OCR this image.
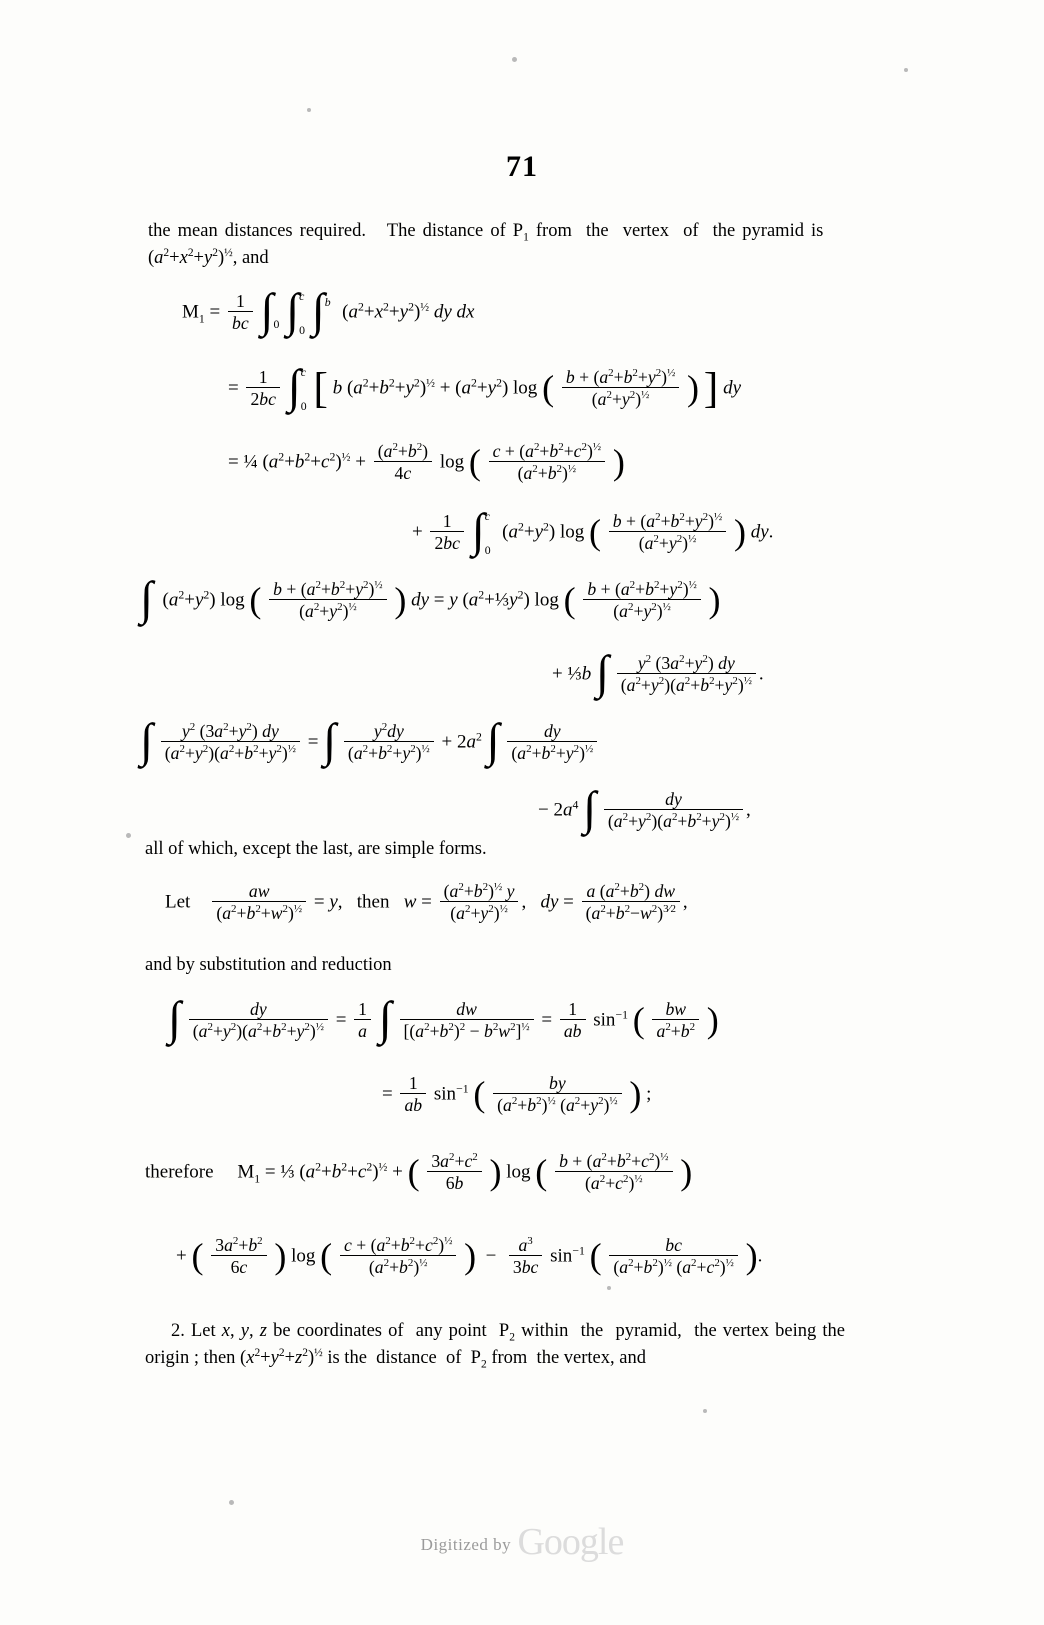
71
the mean distances required.   The distance of $P_1$ from  the  vertex  of  the pyramid is  $(a^2+x^2+y^2)^{\frac{1}{2}}$, and
$M_1 = \frac{1}{bc}$ ∫ 0 ∫ c
0 ∫ b $(a^2+x^2+y^2)^{\frac{1}{2}}$ dy dx
= $\frac{1}{2bc}$ ∫ c
0 [ b $(a^2+b^2+y^2)^{\frac{1}{2}} + (a^2+y^2)$ log ( $\frac{b + (a^2+b^2+y^2)^{\frac{1}{2}}}{(a^2+y^2)^{\frac{1}{2}}}$ ) ] dy
= ¼ $(a^2+b^2+c^2)^{\frac{1}{2}} + \frac{(a^2+b^2)}{4c}$ log ( $\frac{c + (a^2+b^2+c^2)^{\frac{1}{2}}}{(a^2+b^2)^{\frac{1}{2}}}$ )
+ $\frac{1}{2bc}$ ∫ c
0
$(a^2+y^2)$ log ( $\frac{b + (a^2+b^2+y^2)^{\frac{1}{2}}}{(a^2+y^2)^{\frac{1}{2}}}$ ) dy.
∫  $(a^2+y^2)$ log ( $\frac{b + (a^2+b^2+y^2)^{\frac{1}{2}}}{(a^2+y^2)^{\frac{1}{2}}}$ ) dy = y $(a^2+\frac{1}{3}y^2)$ log ( $\frac{b + (a^2+b^2+y^2)^{\frac{1}{2}}}{(a^2+y^2)^{\frac{1}{2}}}$ )
+ ⅓b ∫ $\frac{y^2 (3a^2+y^2) dy}{(a^2+y^2)(a^2+b^2+y^2)^{\frac{1}{2}}}$ .
∫ $\frac{y^2 (3a^2+y^2) dy}{(a^2+y^2)(a^2+b^2+y^2)^{\frac{1}{2}}}$ = ∫ $\frac{y^2dy}{(a^2+b^2+y^2)^{\frac{1}{2}}} + 2a^2$ ∫ $\frac{dy}{(a^2+b^2+y^2)^{\frac{1}{2}}}$
− $2a^4$ ∫ $\frac{dy}{(a^2+y^2)(a^2+b^2+y^2)^{\frac{1}{2}}}$ ,
all of which, except the last, are simple forms.
Let $\frac{aw}{(a^2+b^2+w^2)^{\frac{1}{2}}} = y$,   then $w = \frac{(a^2+b^2)^{\frac{1}{2}} y}{(a^2+y^2)^{\frac{1}{2}}}$ ,   dy = $\frac{a (a^2+b^2) dw}{(a^2+b^2-w^2)^{3⁄2}}$ ,
and by substitution and reduction
∫ $\frac{dy}{(a^2+y^2)(a^2+b^2+y^2)^{\frac{1}{2}}} = \frac{1}{a}$ ∫ $\frac{dw}{[(a^2+b^2)^2 - b^2w^2]^{\frac{1}{2}}} = \frac{1}{ab} \sin^{-1}$ ( $\frac{bw}{a^2+b^2}$ )
= $\frac{1}{ab} \sin^{-1}$ ( $\frac{by}{(a^2+b^2)^{\frac{1}{2}} (a^2+y^2)^{\frac{1}{2}}}$ ) ;
therefore     $M_1$ = ⅓ $(a^2+b^2+c^2)^{\frac{1}{2}}$ + ( $\frac{3a^2+c^2}{6b}$ ) log ( $\frac{b + (a^2+b^2+c^2)^{\frac{1}{2}}}{(a^2+c^2)^{\frac{1}{2}}}$ )
+ ( $\frac{3a^2+b^2}{6c}$ ) log ( $\frac{c + (a^2+b^2+c^2)^{\frac{1}{2}}}{(a^2+b^2)^{\frac{1}{2}}}$ )  − $\frac{a^3}{3bc} \sin^{-1}$ ( $\frac{bc}{(a^2+b^2)^{\frac{1}{2}} (a^2+c^2)^{\frac{1}{2}}}$ ).
2. Let x, y, z be coordinates of  any point  $P_2$ within  the  pyramid,  the vertex being the origin ; then $(x^2+y^2+z^2)^{\frac{1}{2}}$ is the  distance  of  $P_2$ from  the vertex, and
Digitized by Google
